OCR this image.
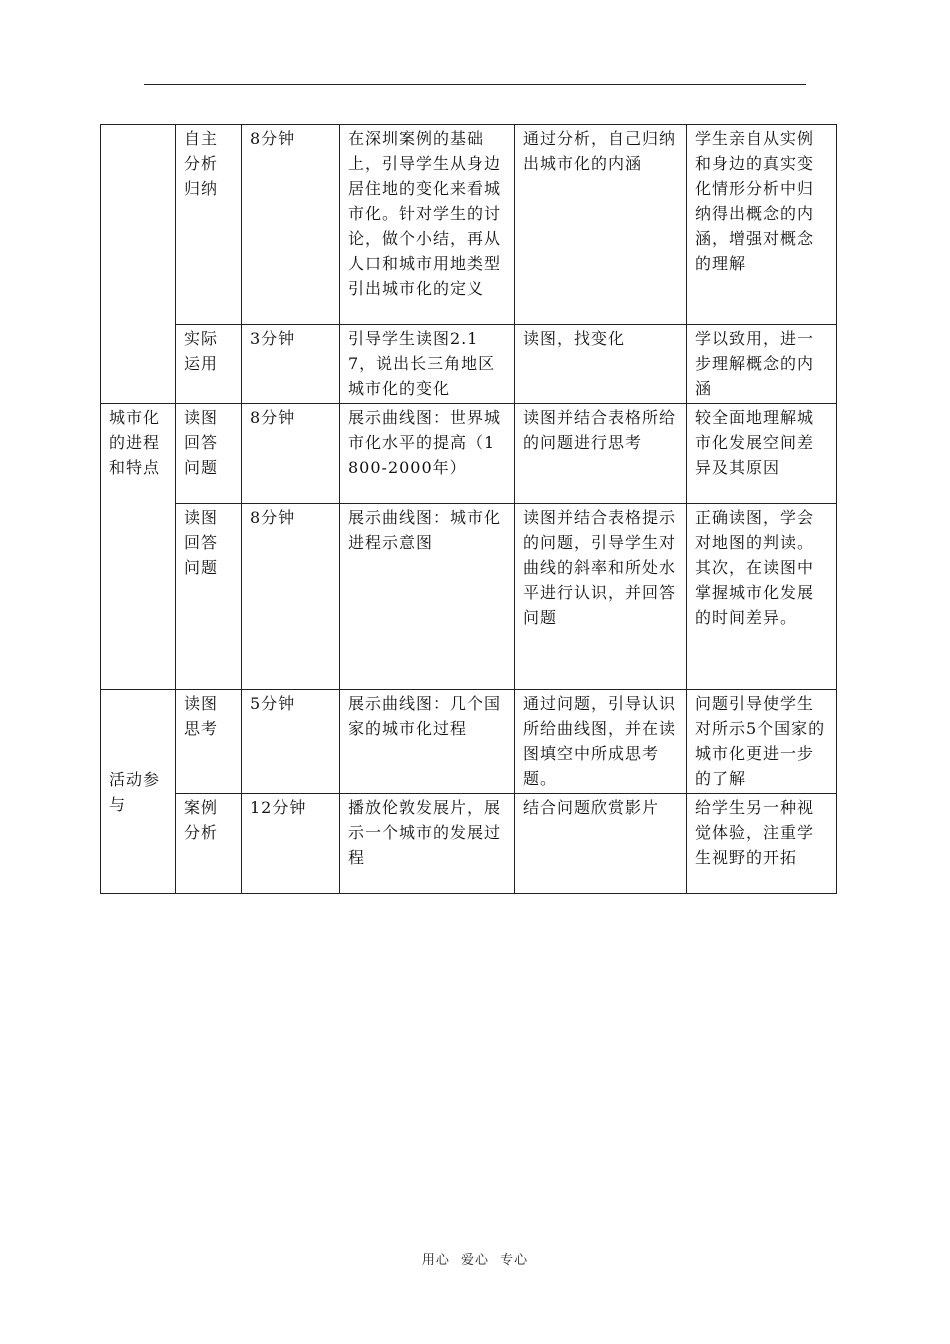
	自主分析归纳	8分钟	在深圳案例的基础上，引导学生从身边居住地的变化来看城市化。针对学生的讨论，做个小结，再从人口和城市用地类型引出城市化的定义	通过分析，自己归纳出城市化的内涵	学生亲自从实例和身边的真实变化情形分析中归纳得出概念的内涵，增强对概念的理解
	实际运用	3分钟	引导学生读图2.17，说出长三角地区城市化的变化	读图，找变化	学以致用，进一步理解概念的内涵
城市化的进程和特点	读图回答问题	8分钟	展示曲线图：世界城市化水平的提高（1800-2000年）	读图并结合表格所给的问题进行思考	较全面地理解城市化发展空间差异及其原因
	读图回答问题	8分钟	展示曲线图：城市化进程示意图	读图并结合表格提示的问题，引导学生对曲线的斜率和所处水平进行认识，并回答问题	正确读图，学会对地图的判读。其次，在读图中掌握城市化发展的时间差异。
活动参与	读图思考	5分钟	展示曲线图：几个国家的城市化过程	通过问题，引导认识所给曲线图，并在读图填空中所成思考题。	问题引导使学生对所示5个国家的城市化更进一步的了解
	案例分析	12分钟	播放伦敦发展片，展示一个城市的发展过程	结合问题欣赏影片	给学生另一种视觉体验，注重学生视野的开拓
用心 爱心 专心
